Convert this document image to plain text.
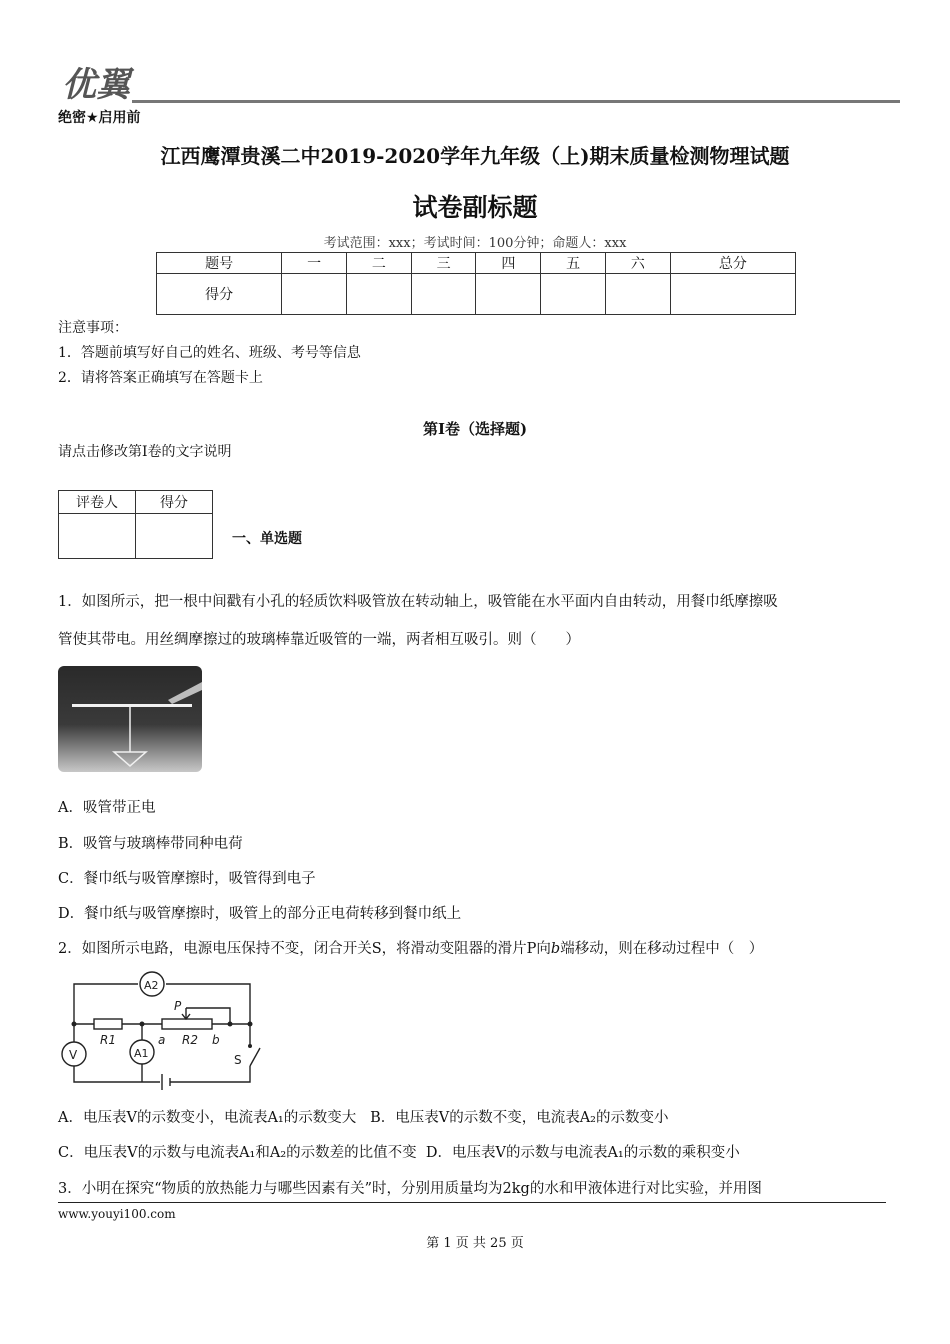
优翼
绝密★启用前
江西鹰潭贵溪二中2019-2020学年九年级（上)期末质量检测物理试题
试卷副标题
考试范围：xxx；考试时间：100分钟；命题人：xxx
题号	一	二	三	四	五	六	总分
得分							
注意事项：
1．答题前填写好自己的姓名、班级、考号等信息
2．请将答案正确填写在答题卡上
第I卷（选择题)
请点击修改第I卷的文字说明
评卷人	得分

一、单选题
1．如图所示，把一根中间戳有小孔的轻质饮料吸管放在转动轴上，吸管能在水平面内自由转动，用餐巾纸摩擦吸
管使其带电。用丝绸摩擦过的玻璃棒靠近吸管的一端，两者相互吸引。则（　　）
A．吸管带正电
B．吸管与玻璃棒带同种电荷
C．餐巾纸与吸管摩擦时，吸管得到电子
D．餐巾纸与吸管摩擦时，吸管上的部分正电荷转移到餐巾纸上
2．如图所示电路，电源电压保持不变，闭合开关S，将滑动变阻器的滑片P向b端移动，则在移动过程中（　）
A2
V	A1
P
R1	a R2 b
S
A．电压表V的示数变小，电流表A₁的示数变大 B．电压表V的示数不变，电流表A₂的示数变小
C．电压表V的示数与电流表A₁和A₂的示数差的比值不变 D．电压表V的示数与电流表A₁的示数的乘积变小
3．小明在探究“物质的放热能力与哪些因素有关”时，分别用质量均为2kg的水和甲液体进行对比实验，并用图
www.youyi100.com
第 1 页 共 25 页
